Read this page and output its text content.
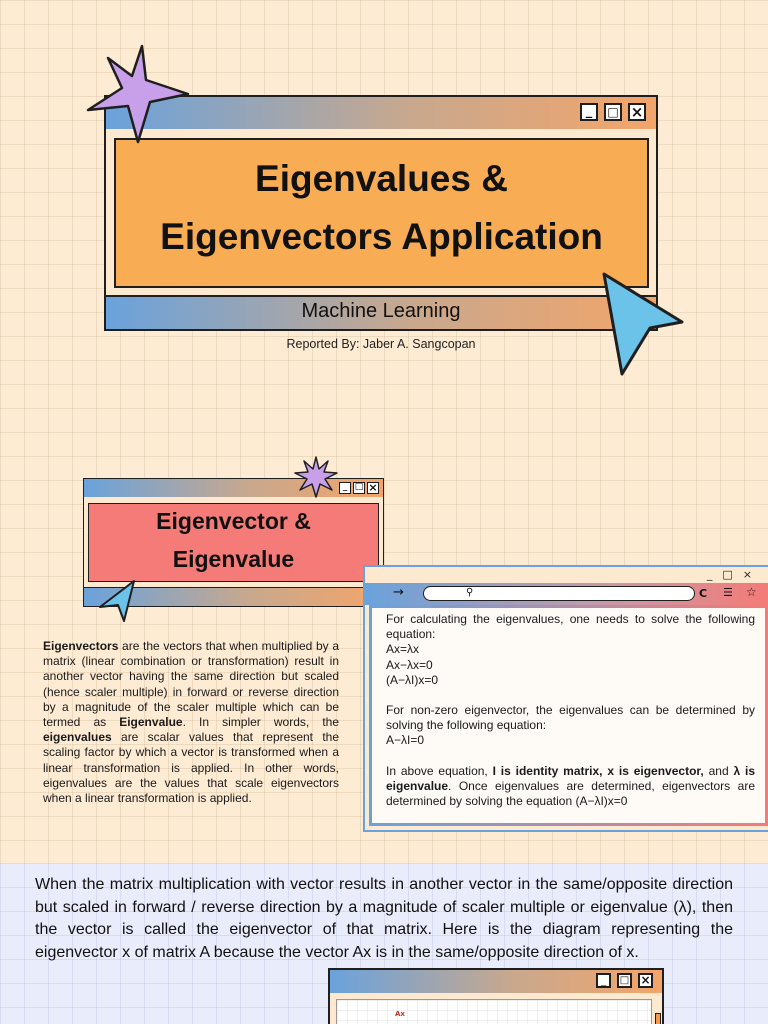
_	□ ×
Eigenvalues &
Eigenvectors Application
Machine Learning
Reported By: Jaber A. Sangcopan
_ □ ×
Eigenvector &
Eigenvalue
Eigenvectors are the vectors that when multiplied by a matrix (linear combination or transformation) result in another vector having the same direction but scaled (hence scaler multiple) in forward or reverse direction by a magnitude of the scaler multiple which can be termed as Eigenvalue. In simpler words, the eigenvalues are scalar values that represent the scaling factor by which a vector is transformed when a linear transformation is applied. In other words, eigenvalues are the values that scale eigenvectors when a linear transformation is applied.
_□×
→	⚲	C ☰ ☆
For calculating the eigenvalues, one needs to solve the following equation:
Ax=λx
Ax−λx=0
(A−λI)x=0
For non-zero eigenvector, the eigenvalues can be determined by solving the following equation:
A−λI=0
In above equation, I is identity matrix, x is eigenvector, and λ is eigenvalue. Once eigenvalues are determined, eigenvectors are determined by solving the equation (A−λI)x=0
When the matrix multiplication with vector results in another vector in the same/opposite direction but scaled in forward / reverse direction by a magnitude of scaler multiple or eigenvalue (λ), then the vector is called the eigenvector of that matrix. Here is the diagram representing the eigenvector x of matrix A because the vector Ax is in the same/opposite direction of x.
_	□ ×
Ax
